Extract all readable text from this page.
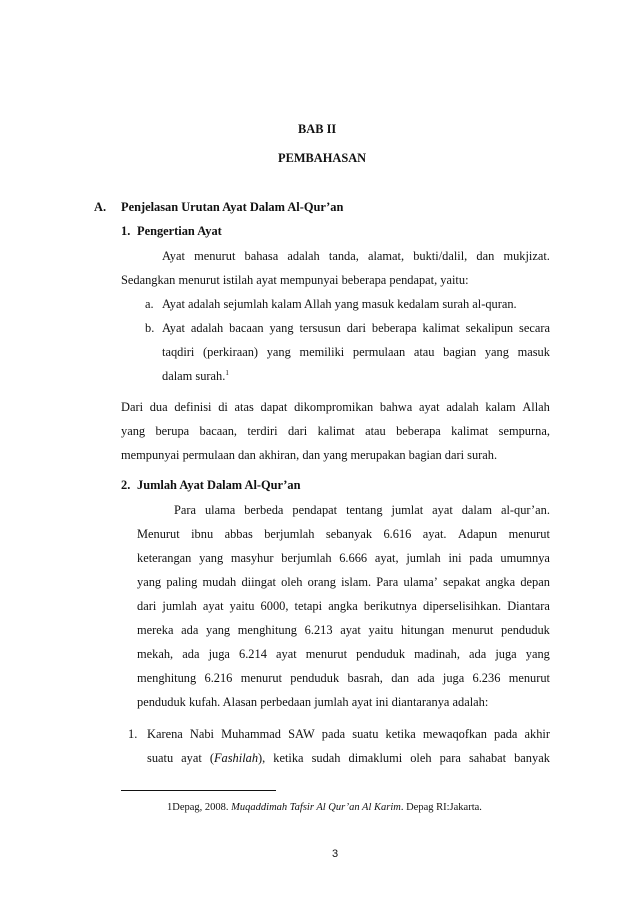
BAB II
PEMBAHASAN
A. Penjelasan Urutan Ayat Dalam Al-Qur’an
1. Pengertian Ayat
Ayat menurut bahasa adalah tanda, alamat, bukti/dalil, dan mukjizat.
Sedangkan menurut istilah ayat mempunyai beberapa pendapat, yaitu:
a. Ayat adalah sejumlah kalam Allah yang masuk kedalam surah al-quran.
b. Ayat adalah bacaan yang tersusun dari beberapa kalimat sekalipun secara
taqdiri (perkiraan) yang memiliki permulaan atau bagian yang masuk
dalam surah.$^1$
Dari dua definisi di atas dapat dikompromikan bahwa ayat adalah kalam Allah
yang berupa bacaan, terdiri dari kalimat atau beberapa kalimat sempurna,
mempunyai permulaan dan akhiran, dan yang merupakan bagian dari surah.
2. Jumlah Ayat Dalam Al-Qur’an
Para ulama berbeda pendapat tentang jumlat ayat dalam al-qur’an.
Menurut ibnu abbas berjumlah sebanyak 6.616 ayat. Adapun menurut
keterangan yang masyhur berjumlah 6.666 ayat, jumlah ini pada umumnya
yang paling mudah diingat oleh orang islam. Para ulama’ sepakat angka depan
dari jumlah ayat yaitu 6000, tetapi angka berikutnya diperselisihkan. Diantara
mereka ada yang menghitung 6.213 ayat yaitu hitungan menurut penduduk
mekah, ada juga 6.214 ayat menurut penduduk madinah, ada juga yang
menghitung 6.216 menurut penduduk basrah, dan ada juga 6.236 menurut
penduduk kufah. Alasan perbedaan jumlah ayat ini diantaranya adalah:
1. Karena Nabi Muhammad SAW pada suatu ketika mewaqofkan pada akhir
suatu ayat (Fashilah), ketika sudah dimaklumi oleh para sahabat banyak
1Depag, 2008. Muqaddimah Tafsir Al Qur’an Al Karim. Depag RI:Jakarta.
3
